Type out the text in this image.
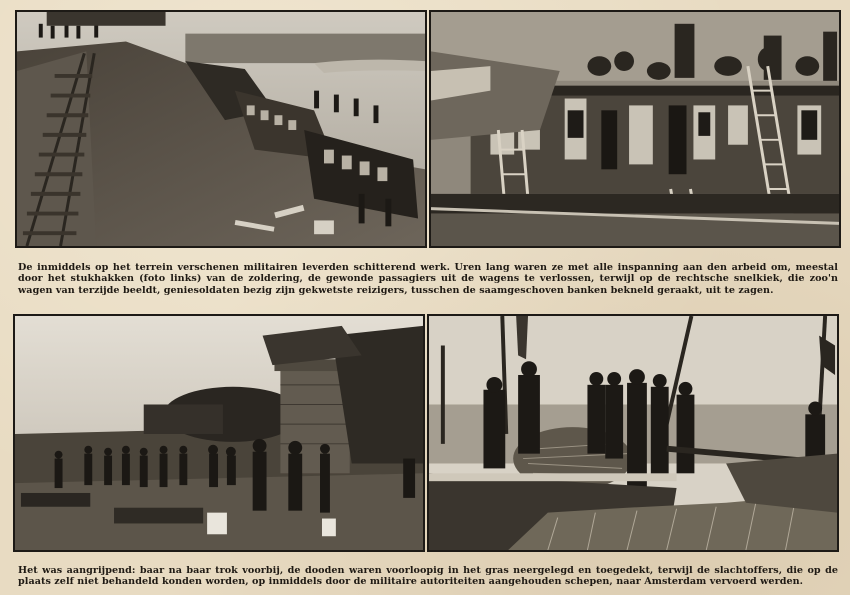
De inmiddels op het terrein verschenen militairen leverden schitterend werk. Uren lang waren ze met alle inspanning aan den arbeid om, meestal door het stukhakken (foto links) van de zoldering, de gewonde passagiers uit de wagens te verlossen, terwijl op de rechtsche snelkiek, die zoo'n wagen van terzijde beeldt, geniesoldaten bezig zijn gekwetste reizigers, tusschen de saamgeschoven banken bekneld geraakt, uit te zagen.

Het was aangrijpend: baar na baar trok voorbij, de dooden waren voorloopig in het gras neergelegd en toegedekt, terwijl de slachtoffers, die op de plaats zelf niet behandeld konden worden, op inmiddels door de militaire autoriteiten aangehouden schepen, naar Amsterdam vervoerd werden.
